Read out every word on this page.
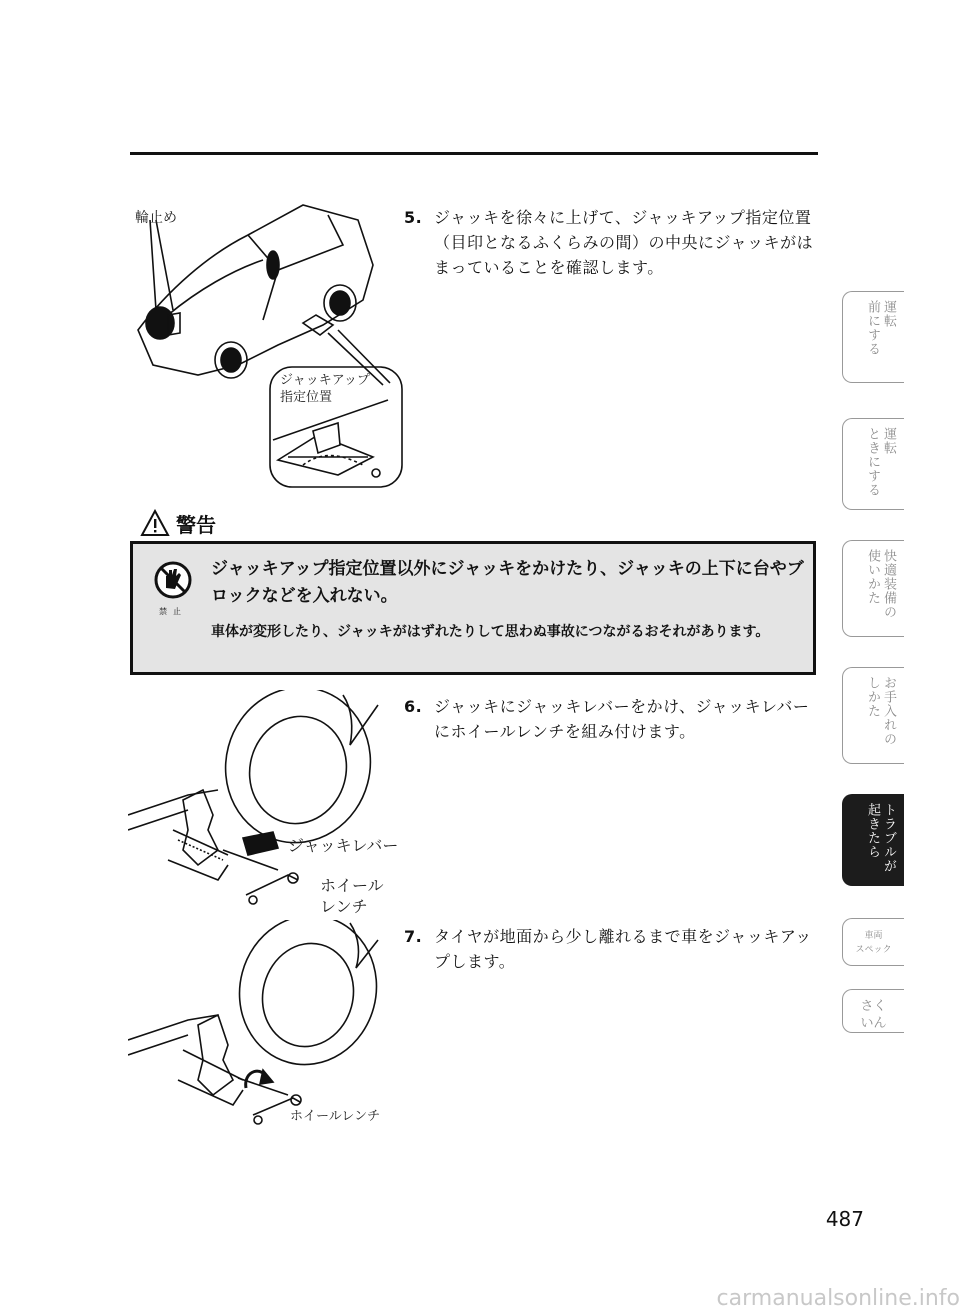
輪止め
ジャッキアップ
指定位置
5. ジャッキを徐々に上げて、ジャッキアップ指定位置（目印となるふくらみの間）の中央にジャッキがはまっていることを確認します。
警告
禁止
ジャッキアップ指定位置以外にジャッキをかけたり、ジャッキの上下に台やブロックなどを入れない。
車体が変形したり、ジャッキがはずれたりして思わぬ事故につながるおそれがあります。
ジャッキレバー
ホイール
レンチ
6. ジャッキにジャッキレバーをかけ、ジャッキレバーにホイールレンチを組み付けます。
ホイールレンチ
7. タイヤが地面から少し離れるまで車をジャッキアップします。
運転
前にする
運転
ときにする
快適装備の
使いかた
お手入れの
しかた
トラブルが
起きたら
車両
スペック
さく
いん
487
carmanualsonline.info
